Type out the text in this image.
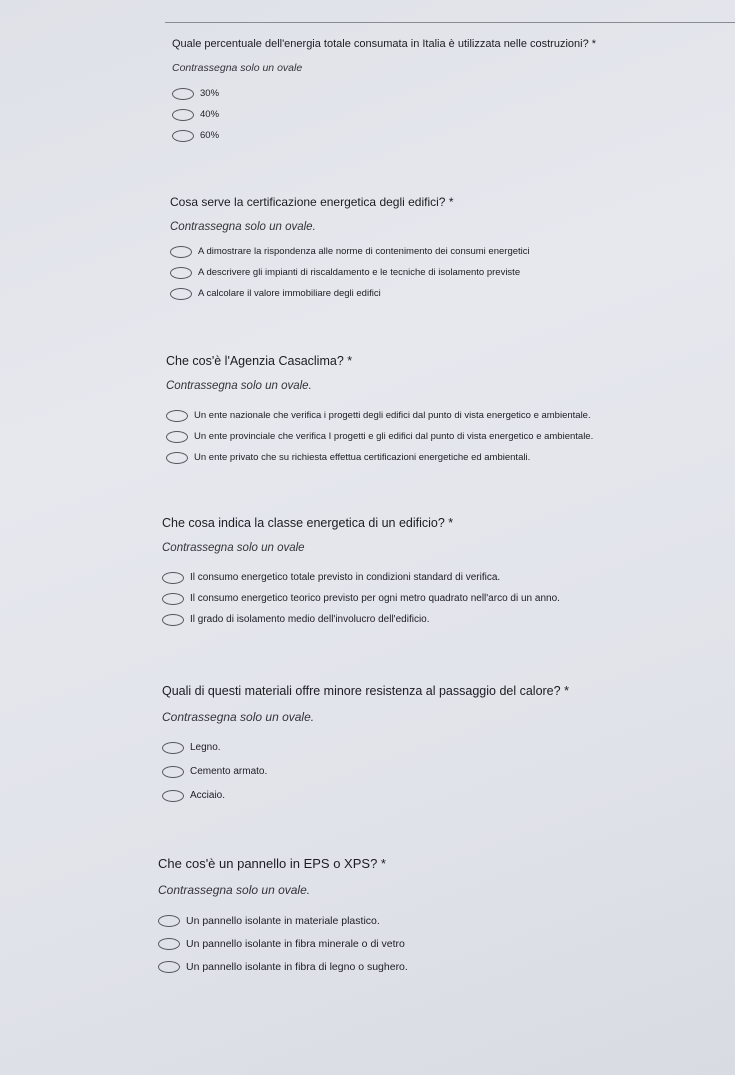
Quale percentuale dell'energia totale consumata in Italia è utilizzata nelle costruzioni? *

Contrassegna solo un ovale

30%
40%
60%

Cosa serve la certificazione energetica degli edifici? *

Contrassegna solo un ovale.

A dimostrare la rispondenza alle norme di contenimento dei consumi energetici
A descrivere gli impianti di riscaldamento e le tecniche di isolamento previste
A calcolare il valore immobiliare degli edifici

Che cos'è l'Agenzia Casaclima? *

Contrassegna solo un ovale.

Un ente nazionale che verifica i progetti degli edifici dal punto di vista energetico e ambientale.
Un ente provinciale che verifica I progetti e gli edifici dal punto di vista energetico e ambientale.
Un ente privato che su richiesta effettua certificazioni energetiche ed ambientali.

Che cosa indica la classe energetica di un edificio? *

Contrassegna solo un ovale

Il consumo energetico totale previsto in condizioni standard di verifica.
Il consumo energetico teorico previsto per ogni metro quadrato nell'arco di un anno.
Il grado di isolamento medio dell'involucro dell'edificio.

Quali di questi materiali offre minore resistenza al passaggio del calore? *

Contrassegna solo un ovale.

Legno.
Cemento armato.
Acciaio.

Che cos'è un pannello in EPS o XPS? *

Contrassegna solo un ovale.

Un pannello isolante in materiale plastico.
Un pannello isolante in fibra minerale o di vetro
Un pannello isolante in fibra di legno o sughero.
